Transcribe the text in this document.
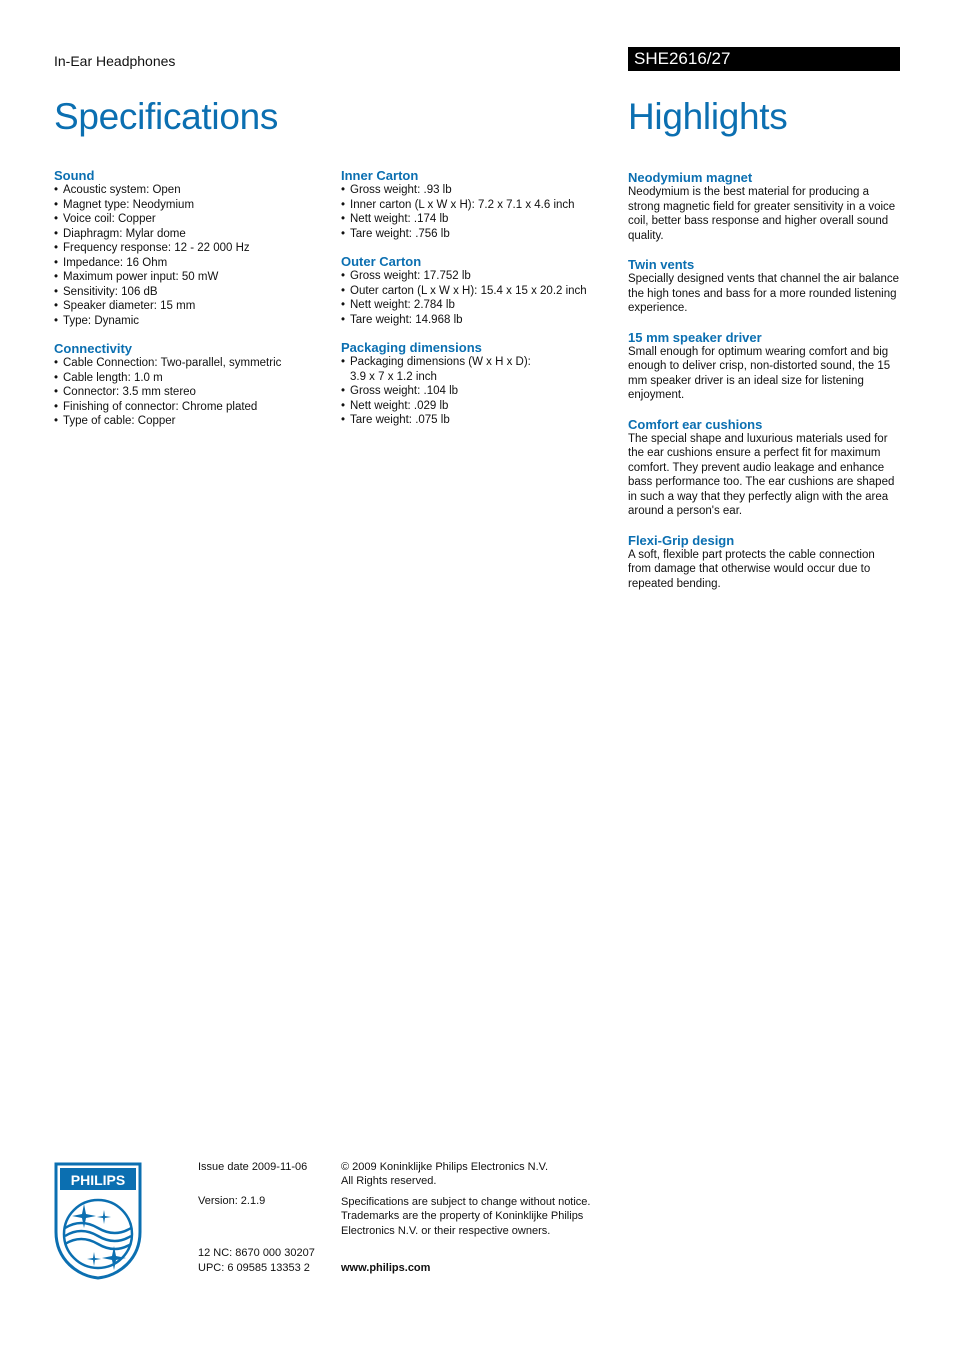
In-Ear Headphones	SHE2616/27
Specifications	Highlights
Sound
• Acoustic system: Open
• Magnet type: Neodymium
• Voice coil: Copper
• Diaphragm: Mylar dome
• Frequency response: 12 - 22 000 Hz
• Impedance: 16 Ohm
• Maximum power input: 50 mW
• Sensitivity: 106 dB
• Speaker diameter: 15 mm
• Type: Dynamic
Connectivity
• Cable Connection: Two-parallel, symmetric
• Cable length: 1.0 m
• Connector: 3.5 mm stereo
• Finishing of connector: Chrome plated
• Type of cable: Copper
Inner Carton
• Gross weight: .93 lb
• Inner carton (L x W x H): 7.2 x 7.1 x 4.6 inch
• Nett weight: .174 lb
• Tare weight: .756 lb
Outer Carton
• Gross weight: 17.752 lb
• Outer carton (L x W x H): 15.4 x 15 x 20.2 inch
• Nett weight: 2.784 lb
• Tare weight: 14.968 lb
Packaging dimensions
• Packaging dimensions (W x H x D): 3.9 x 7 x 1.2 inch
• Gross weight: .104 lb
• Nett weight: .029 lb
• Tare weight: .075 lb
Neodymium magnet

Neodymium is the best material for producing a strong magnetic field for greater sensitivity in a voice coil, better bass response and higher overall sound quality.

Twin vents

Specially designed vents that channel the air balance the high tones and bass for a more rounded listening experience.

15 mm speaker driver

Small enough for optimum wearing comfort and big enough to deliver crisp, non-distorted sound, the 15 mm speaker driver is an ideal size for listening enjoyment.

Comfort ear cushions

The special shape and luxurious materials used for the ear cushions ensure a perfect fit for maximum comfort. They prevent audio leakage and enhance bass performance too. The ear cushions are shaped in such a way that they perfectly align with the area around a person's ear.

Flexi-Grip design

A soft, flexible part protects the cable connection from damage that otherwise would occur due to repeated bending.

PHILIPS
Issue date 2009-11-06
Version: 2.1.9
12 NC: 8670 000 30207
UPC: 6 09585 13353 2
© 2009 Koninklijke Philips Electronics N.V.
All Rights reserved.
Specifications are subject to change without notice.
Trademarks are the property of Koninklijke Philips
Electronics N.V. or their respective owners.
www.philips.com
